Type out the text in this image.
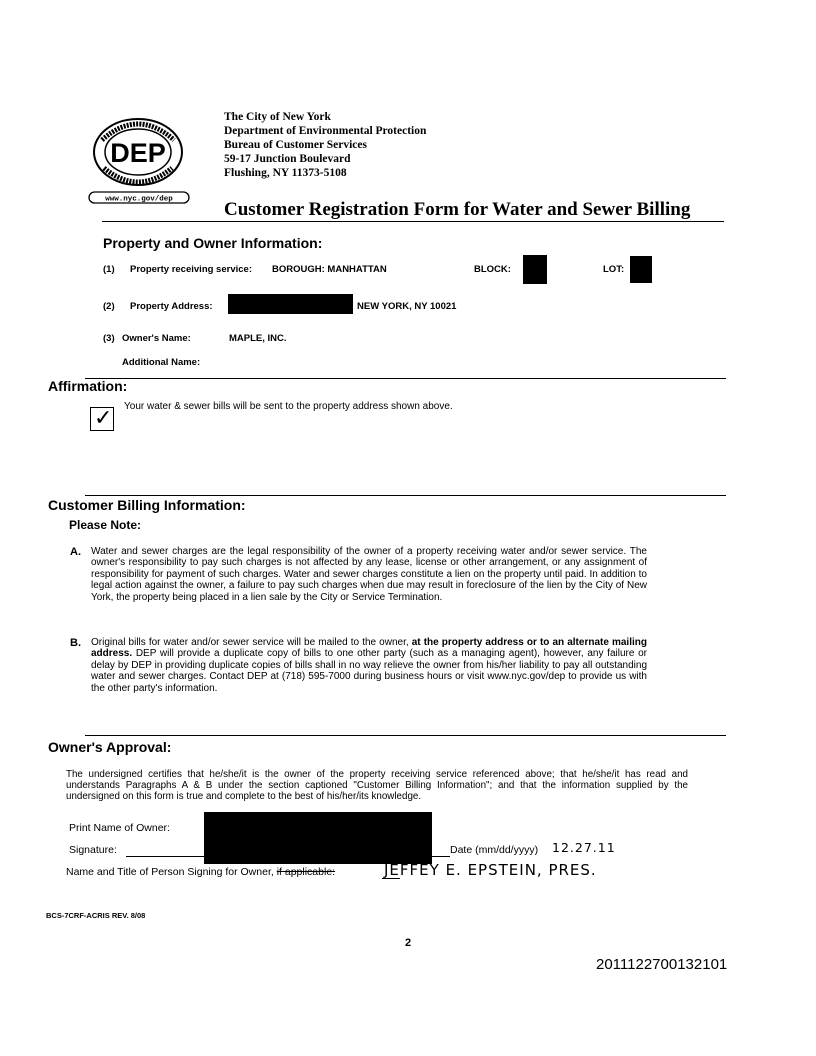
DEP
www.nyc.gov/dep
The City of New York
Department of Environmental Protection
Bureau of Customer Services
59-17 Junction Boulevard
Flushing, NY 11373-5108
Customer Registration Form for Water and Sewer Billing
Property and Owner Information:
(1) Property receiving service: BOROUGH: MANHATTAN	BLOCK:	LOT:
(2) Property Address:	NEW YORK, NY 10021
(3) Owner's Name:	MAPLE, INC.
Additional Name:
Affirmation:
✓ Your water & sewer bills will be sent to the property address shown above.
Customer Billing Information:
Please Note:
A. Water and sewer charges are the legal responsibility of the owner of a property receiving water and/or sewer service. The owner's responsibility to pay such charges is not affected by any lease, license or other arrangement, or any assignment of responsibility for payment of such charges. Water and sewer charges constitute a lien on the property until paid. In addition to legal action against the owner, a failure to pay such charges when due may result in foreclosure of the lien by the City of New York, the property being placed in a lien sale by the City or Service Termination.
B. Original bills for water and/or sewer service will be mailed to the owner, at the property address or to an alternate mailing address. DEP will provide a duplicate copy of bills to one other party (such as a managing agent), however, any failure or delay by DEP in providing duplicate copies of bills shall in no way relieve the owner from his/her liability to pay all outstanding water and sewer charges. Contact DEP at (718) 595-7000 during business hours or visit www.nyc.gov/dep to provide us with the other party's information.
Owner's Approval:
The undersigned certifies that he/she/it is the owner of the property receiving service referenced above; that he/she/it has read and understands Paragraphs A & B under the section captioned "Customer Billing Information"; and that the information supplied by the undersigned on this form is true and complete to the best of his/her/its knowledge.
Print Name of Owner:
Signature:	Date (mm/dd/yyyy) 12.27.11
Name and Title of Person Signing for Owner, if applicable:	JEFFEY E. EPSTEIN, PRES.
BCS-7CRF-ACRIS REV. 8/08
2
2011122700132101
